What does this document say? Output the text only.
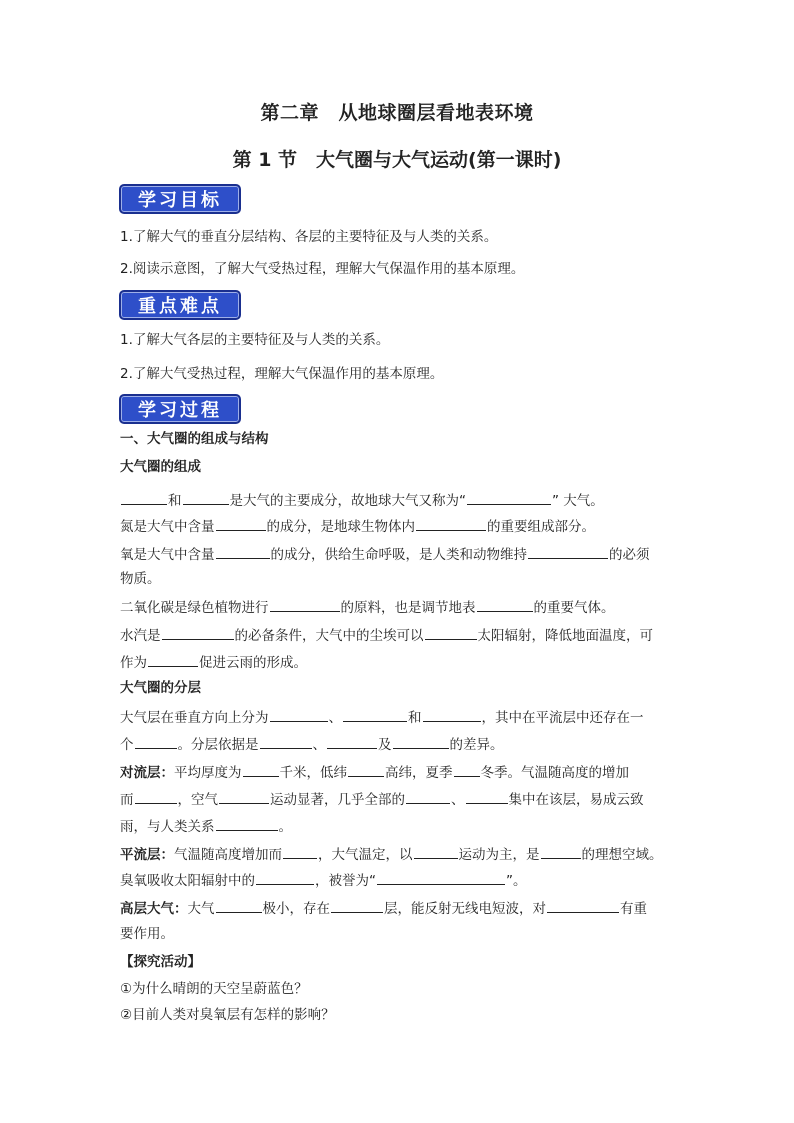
第二章　从地球圈层看地表环境
第 1 节　大气圈与大气运动(第一课时)
学习目标
1.了解大气的垂直分层结构、各层的主要特征及与人类的关系。
2.阅读示意图，了解大气受热过程，理解大气保温作用的基本原理。
重点难点
1.了解大气各层的主要特征及与人类的关系。
2.了解大气受热过程，理解大气保温作用的基本原理。
学习过程
一、大气圈的组成与结构
大气圈的组成
和	是大气的主要成分，故地球大气又称为“	” 大气。
氮是大气中含量	的成分，是地球生物体内	的重要组成部分。
氧是大气中含量	的成分，供给生命呼吸，是人类和动物维持	的必须
物质。
二氧化碳是绿色植物进行	的原料，也是调节地表	的重要气体。
水汽是	的必备条件，大气中的尘埃可以	太阳辐射，降低地面温度，可
作为	促进云雨的形成。
大气圈的分层
大气层在垂直方向上分为	、	和	，其中在平流层中还存在一
个	。分层依据是	、	及	的差异。
对流层：平均厚度为	千米，低纬	高纬，夏季 冬季。气温随高度的增加
而	，空气	运动显著，几乎全部的	、	集中在该层，易成云致
雨，与人类关系	。
平流层：气温随高度增加而	，大气温定，以	运动为主，是	的理想空域。
臭氧吸收太阳辐射中的	，被誉为“	”。
高层大气：大气	极小，存在	层，能反射无线电短波，对	有重
要作用。
【探究活动】
①为什么晴朗的天空呈蔚蓝色？
②目前人类对臭氧层有怎样的影响？
